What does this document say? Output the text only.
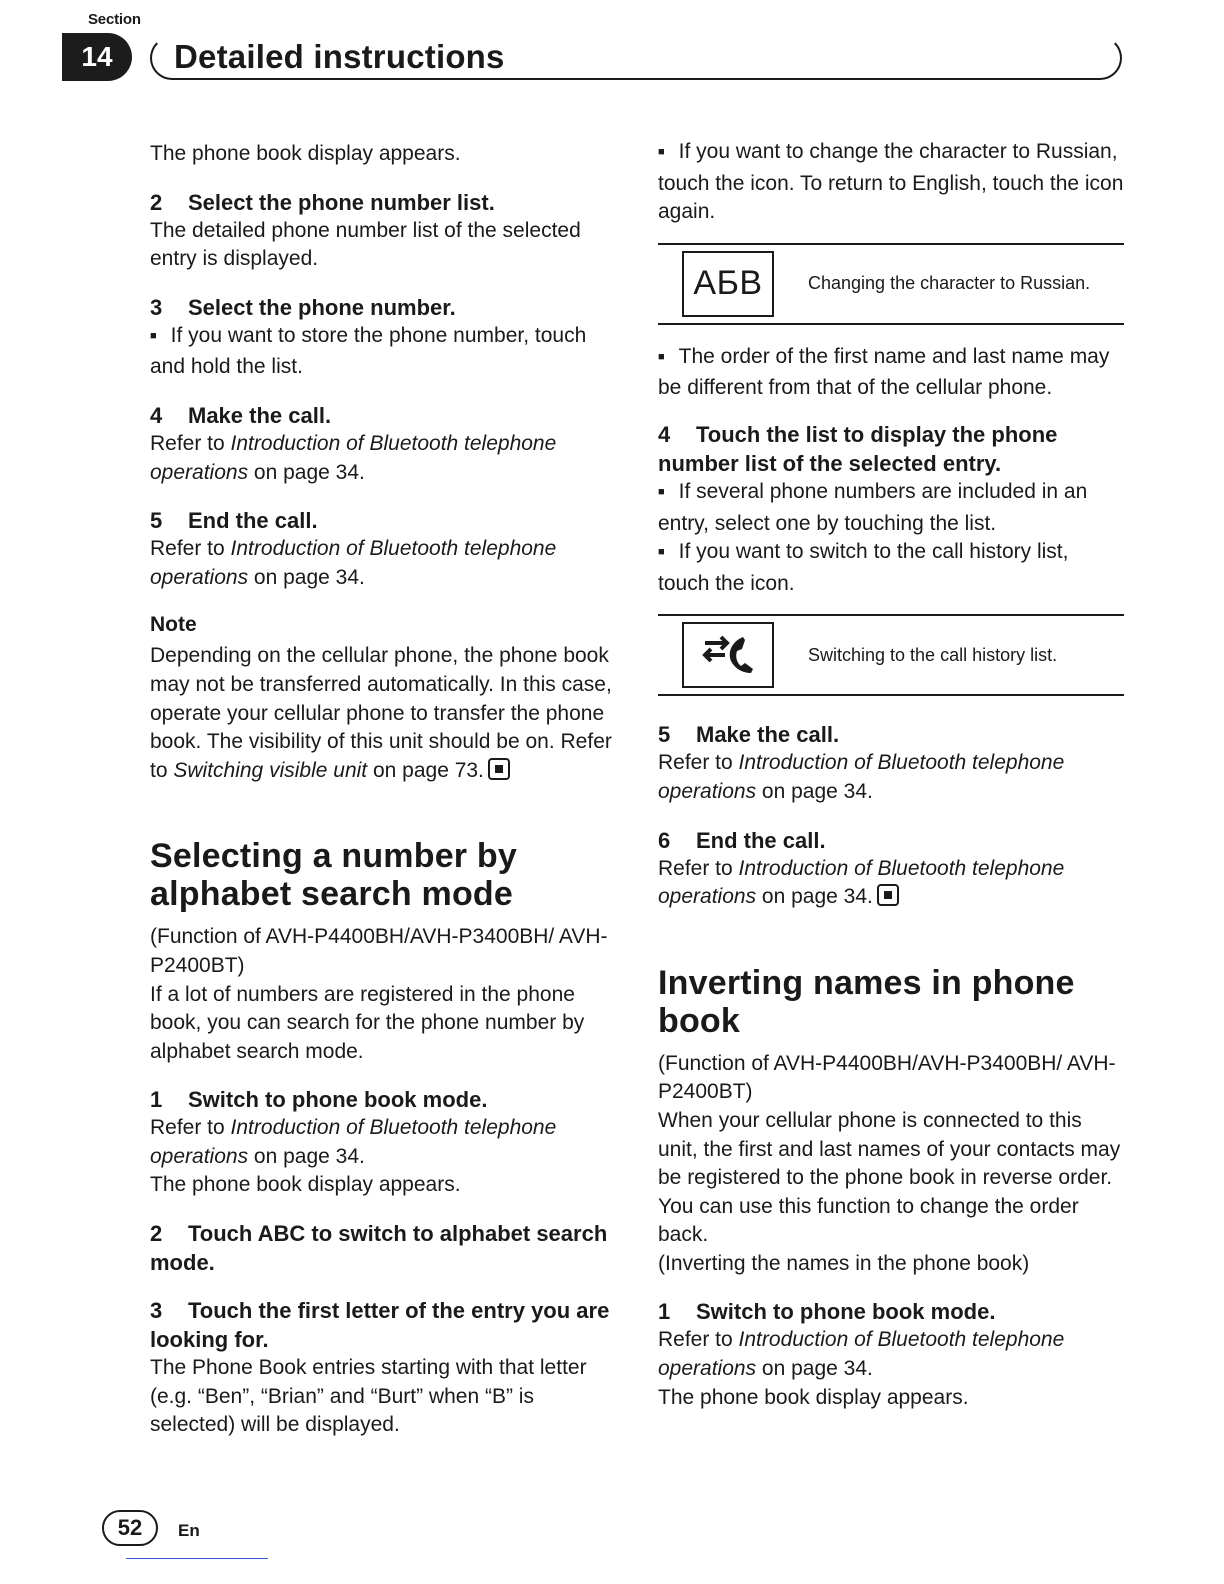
Section
14	Detailed instructions

The phone book display appears.

2 Select the phone number list.

The detailed phone number list of the selected entry is displayed.

3 Select the phone number.

■ If you want to store the phone number, touch and hold the list.

4 Make the call.

Refer to Introduction of Bluetooth telephone operations on page 34.

5 End the call.

Refer to Introduction of Bluetooth telephone operations on page 34.

Note

Depending on the cellular phone, the phone book may not be transferred automatically. In this case, operate your cellular phone to transfer the phone book. The visibility of this unit should be on. Refer to Switching visible unit on page 73.

Selecting a number by alphabet search mode

(Function of AVH-P4400BH/AVH-P3400BH/ AVH-P2400BT)

If a lot of numbers are registered in the phone book, you can search for the phone number by alphabet search mode.

1 Switch to phone book mode.

Refer to Introduction of Bluetooth telephone operations on page 34.

The phone book display appears.

2 Touch ABC to switch to alphabet search mode.

3 Touch the first letter of the entry you are looking for.

The Phone Book entries starting with that letter (e.g. “Ben”, “Brian” and “Burt” when “B” is selected) will be displayed.

■ If you want to change the character to Russian, touch the icon. To return to English, touch the icon again.

АБВ	Changing the character to Russian.

■ The order of the first name and last name may be different from that of the cellular phone.

4 Touch the list to display the phone number list of the selected entry.

■ If several phone numbers are included in an entry, select one by touching the list.

■ If you want to switch to the call history list, touch the icon.

Switching to the call history list.

5 Make the call.

Refer to Introduction of Bluetooth telephone operations on page 34.

6 End the call.

Refer to Introduction of Bluetooth telephone operations on page 34.

Inverting names in phone book

(Function of AVH-P4400BH/AVH-P3400BH/ AVH-P2400BT)

When your cellular phone is connected to this unit, the first and last names of your contacts may be registered to the phone book in reverse order. You can use this function to change the order back.

(Inverting the names in the phone book)

1 Switch to phone book mode.

Refer to Introduction of Bluetooth telephone operations on page 34.

The phone book display appears.

52	En
